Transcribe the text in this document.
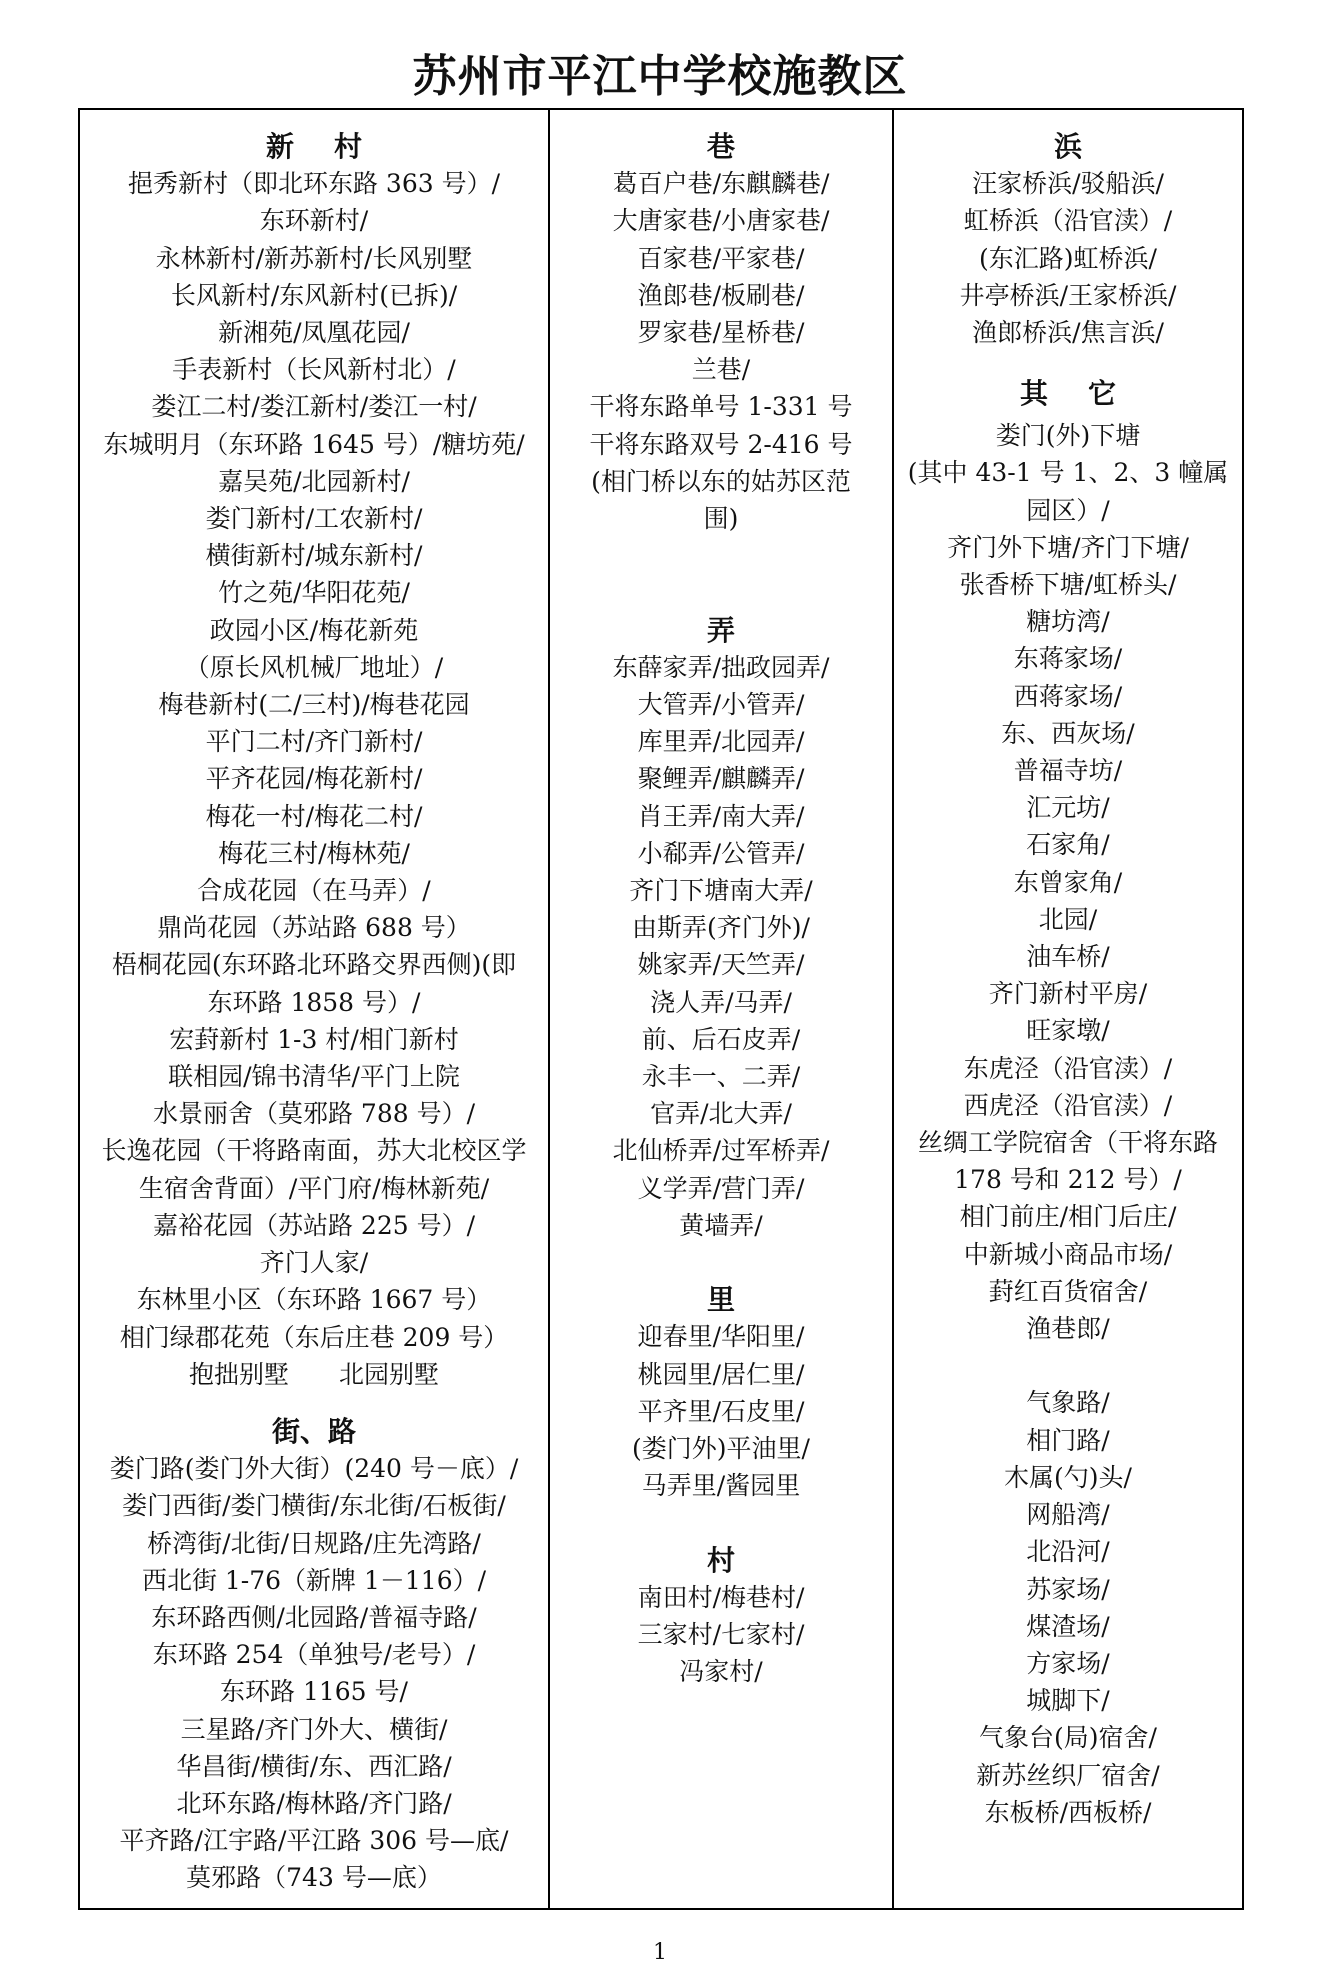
苏州市平江中学校施教区
新村
挹秀新村（即北环东路 363 号）/
东环新村/
永林新村/新苏新村/长风别墅
长风新村/东风新村(已拆)/
新湘苑/凤凰花园/
手表新村（长风新村北）/
娄江二村/娄江新村/娄江一村/
东城明月（东环路 1645 号）/糖坊苑/
嘉吴苑/北园新村/
娄门新村/工农新村/
横街新村/城东新村/
竹之苑/华阳花苑/
政园小区/梅花新苑
（原长风机械厂地址）/
梅巷新村(二/三村)/梅巷花园
平门二村/齐门新村/
平齐花园/梅花新村/
梅花一村/梅花二村/
梅花三村/梅林苑/
合成花园（在马弄）/
鼎尚花园（苏站路 688 号）
梧桐花园(东环路北环路交界西侧)(即
东环路 1858 号）/
宏葑新村 1-3 村/相门新村
联相园/锦书清华/平门上院
水景丽舍（莫邪路 788 号）/
长逸花园（干将路南面，苏大北校区学
生宿舍背面）/平门府/梅林新苑/
嘉裕花园（苏站路 225 号）/
齐门人家/
东林里小区（东环路 1667 号）
相门绿郡花苑（东后庄巷 209 号）
抱拙别墅　　北园别墅
街、路
娄门路(娄门外大街）(240 号－底）/
娄门西街/娄门横街/东北街/石板街/
桥湾街/北街/日规路/庄先湾路/
西北街 1-76（新牌 1－116）/
东环路西侧/北园路/普福寺路/
东环路 254（单独号/老号）/
东环路 1165 号/
三星路/齐门外大、横街/
华昌街/横街/东、西汇路/
北环东路/梅林路/齐门路/
平齐路/江宇路/平江路 306 号—底/
莫邪路（743 号—底）
巷
葛百户巷/东麒麟巷/
大唐家巷/小唐家巷/
百家巷/平家巷/
渔郎巷/板刷巷/
罗家巷/星桥巷/
兰巷/
干将东路单号 1-331 号
干将东路双号 2-416 号
(相门桥以东的姑苏区范
围)
弄
东薛家弄/拙政园弄/
大管弄/小管弄/
库里弄/北园弄/
聚鲤弄/麒麟弄/
肖王弄/南大弄/
小郗弄/公管弄/
齐门下塘南大弄/
由斯弄(齐门外)/
姚家弄/天竺弄/
浇人弄/马弄/
前、后石皮弄/
永丰一、二弄/
官弄/北大弄/
北仙桥弄/过军桥弄/
义学弄/营门弄/
黄墙弄/
里
迎春里/华阳里/
桃园里/居仁里/
平齐里/石皮里/
(娄门外)平油里/
马弄里/酱园里
村
南田村/梅巷村/
三家村/七家村/
冯家村/
浜
汪家桥浜/驳船浜/
虹桥浜（沿官渎）/
(东汇路)虹桥浜/
井亭桥浜/王家桥浜/
渔郎桥浜/焦言浜/
其它
娄门(外)下塘
(其中 43-1 号 1、2、3 幢属
园区）/
齐门外下塘/齐门下塘/
张香桥下塘/虹桥头/
糖坊湾/
东蒋家场/
西蒋家场/
东、西灰场/
普福寺坊/
汇元坊/
石家角/
东曾家角/
北园/
油车桥/
齐门新村平房/
旺家墩/
东虎泾（沿官渎）/
西虎泾（沿官渎）/
丝绸工学院宿舍（干将东路
178 号和 212 号）/
相门前庄/相门后庄/
中新城小商品市场/
葑红百货宿舍/
渔巷郎/
气象路/
相门路/
木属(勺)头/
网船湾/
北沿河/
苏家场/
煤渣场/
方家场/
城脚下/
气象台(局)宿舍/
新苏丝织厂宿舍/
东板桥/西板桥/
1
